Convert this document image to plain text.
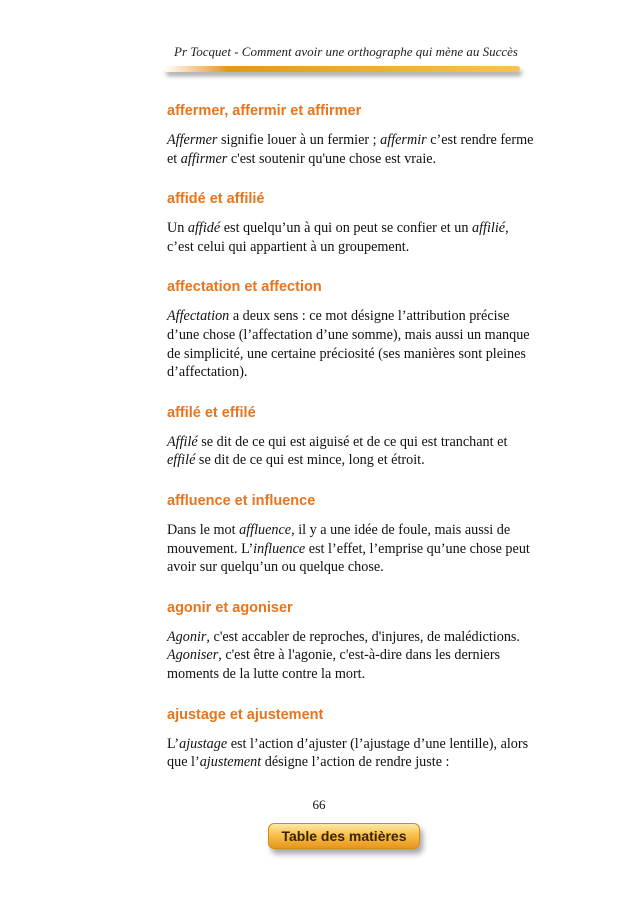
Pr Tocquet - Comment avoir une orthographe qui mène au Succès
affermer, affermir et affirmer

Affermer signifie louer à un fermier ; affermir c’est rendre ferme et affirmer c'est soutenir qu'une chose est vraie.

affidé et affilié

Un affidé est quelqu’un à qui on peut se confier et un affilié, c’est celui qui appartient à un groupement.

affectation et affection

Affectation a deux sens : ce mot désigne l’attribution précise d’une chose (l’affectation d’une somme), mais aussi un manque de simplicité, une certaine préciosité (ses manières sont pleines d’affectation).

affilé et effilé

Affilé se dit de ce qui est aiguisé et de ce qui est tranchant et effilé se dit de ce qui est mince, long et étroit.

affluence et influence

Dans le mot affluence, il y a une idée de foule, mais aussi de mouvement. L’influence est l’effet, l’emprise qu’une chose peut avoir sur quelqu’un ou quelque chose.

agonir et agoniser

Agonir, c'est accabler de reproches, d'injures, de malédictions. Agoniser, c'est être à l'agonie, c'est-à-dire dans les derniers moments de la lutte contre la mort.

ajustage et ajustement

L’ajustage est l’action d’ajuster (l’ajustage d’une lentille), alors que l’ajustement désigne l’action de rendre juste :

66
Table des matières
